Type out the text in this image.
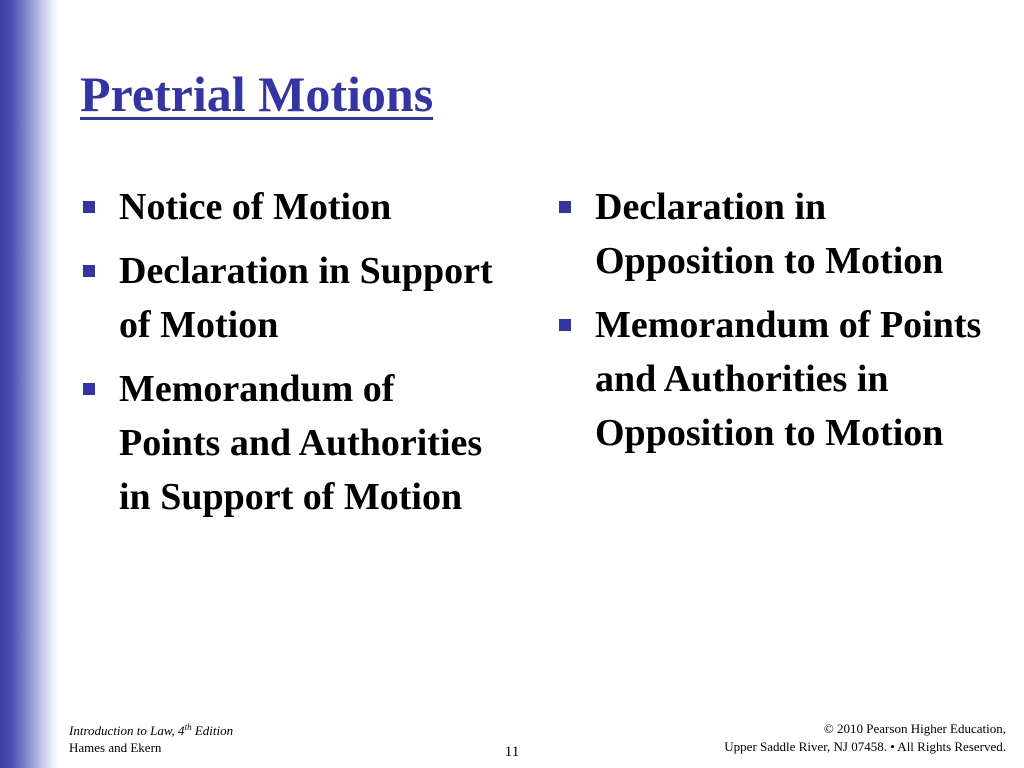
Pretrial Motions
Notice of Motion
Declaration in Support of Motion
Memorandum of Points and Authorities in Support of Motion
Declaration in Opposition to Motion
Memorandum of Points and Authorities in Opposition to Motion
Introduction to Law, 4th Edition
Hames and Ekern	11
© 2010 Pearson Higher Education,
Upper Saddle River, NJ 07458. • All Rights Reserved.
